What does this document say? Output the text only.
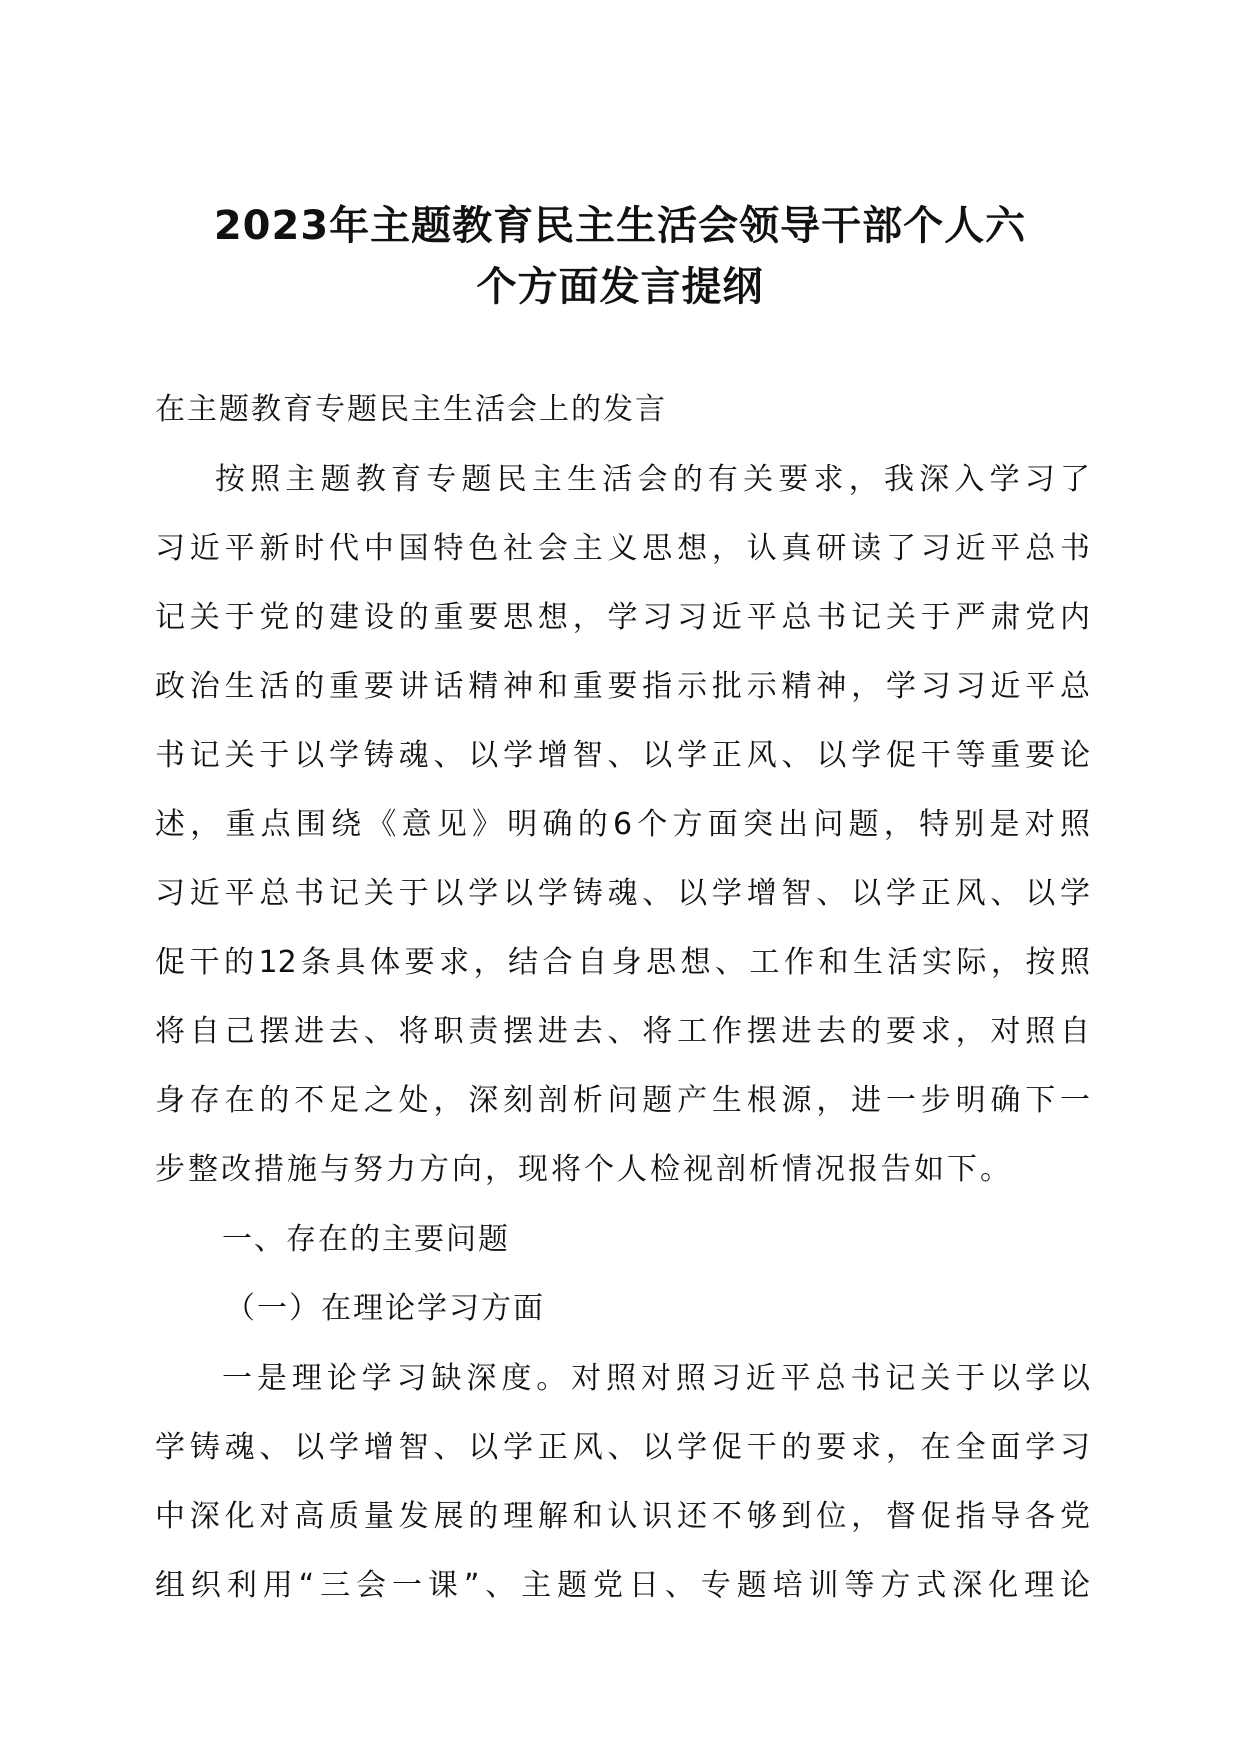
2023年主题教育民主生活会领导干部个人六
个方面发言提纲

在主题教育专题民主生活会上的发言

按照主题教育专题民主生活会的有关要求，我深入学习了

习近平新时代中国特色社会主义思想，认真研读了习近平总书

记关于党的建设的重要思想，学习习近平总书记关于严肃党内

政治生活的重要讲话精神和重要指示批示精神，学习习近平总

书记关于以学铸魂、以学增智、以学正风、以学促干等重要论

述，重点围绕《意见》明确的6个方面突出问题，特别是对照

习近平总书记关于以学以学铸魂、以学增智、以学正风、以学

促干的12条具体要求，结合自身思想、工作和生活实际，按照

将自己摆进去、将职责摆进去、将工作摆进去的要求，对照自

身存在的不足之处，深刻剖析问题产生根源，进一步明确下一

步整改措施与努力方向，现将个人检视剖析情况报告如下。

一、存在的主要问题

（一）在理论学习方面

一是理论学习缺深度。对照对照习近平总书记关于以学以

学铸魂、以学增智、以学正风、以学促干的要求，在全面学习

中深化对高质量发展的理解和认识还不够到位，督促指导各党

组织利用“三会一课”、主题党日、专题培训等方式深化理论
